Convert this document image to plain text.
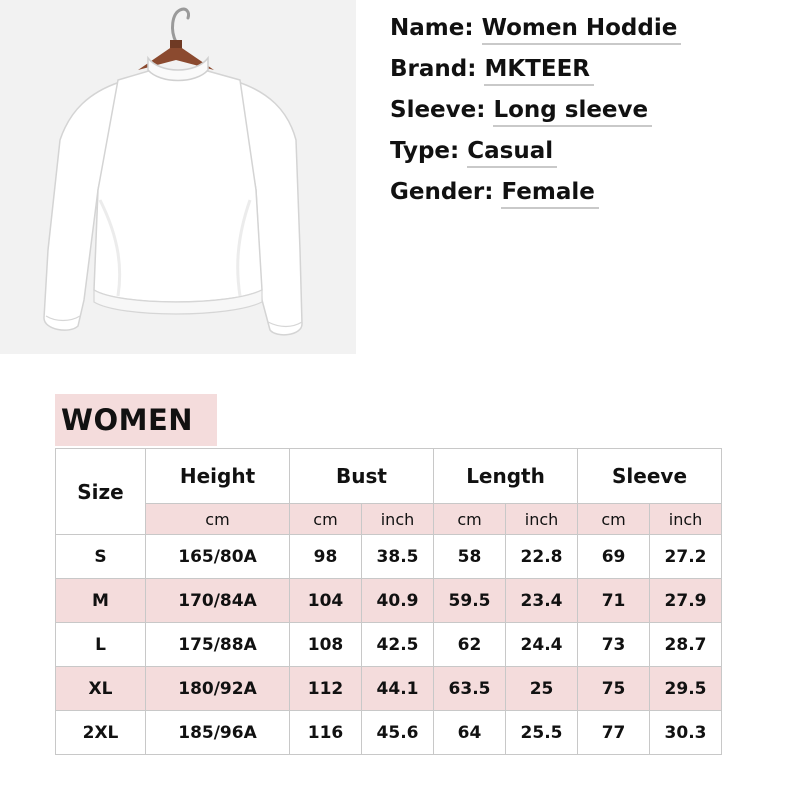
Name: Women Hoddie
Brand: MKTEER
Sleeve: Long sleeve
Type: Casual
Gender: Female
WOMEN
Size	Height	Bust		Length		Sleeve	
	cm	cm	inch	cm	inch	cm	inch
S	165/80A	98	38.5	58	22.8	69	27.2
M	170/84A	104	40.9	59.5	23.4	71	27.9
L	175/88A	108	42.5	62	24.4	73	28.7
XL	180/92A	112	44.1	63.5	25	75	29.5
2XL	185/96A	116	45.6	64	25.5	77	30.3
